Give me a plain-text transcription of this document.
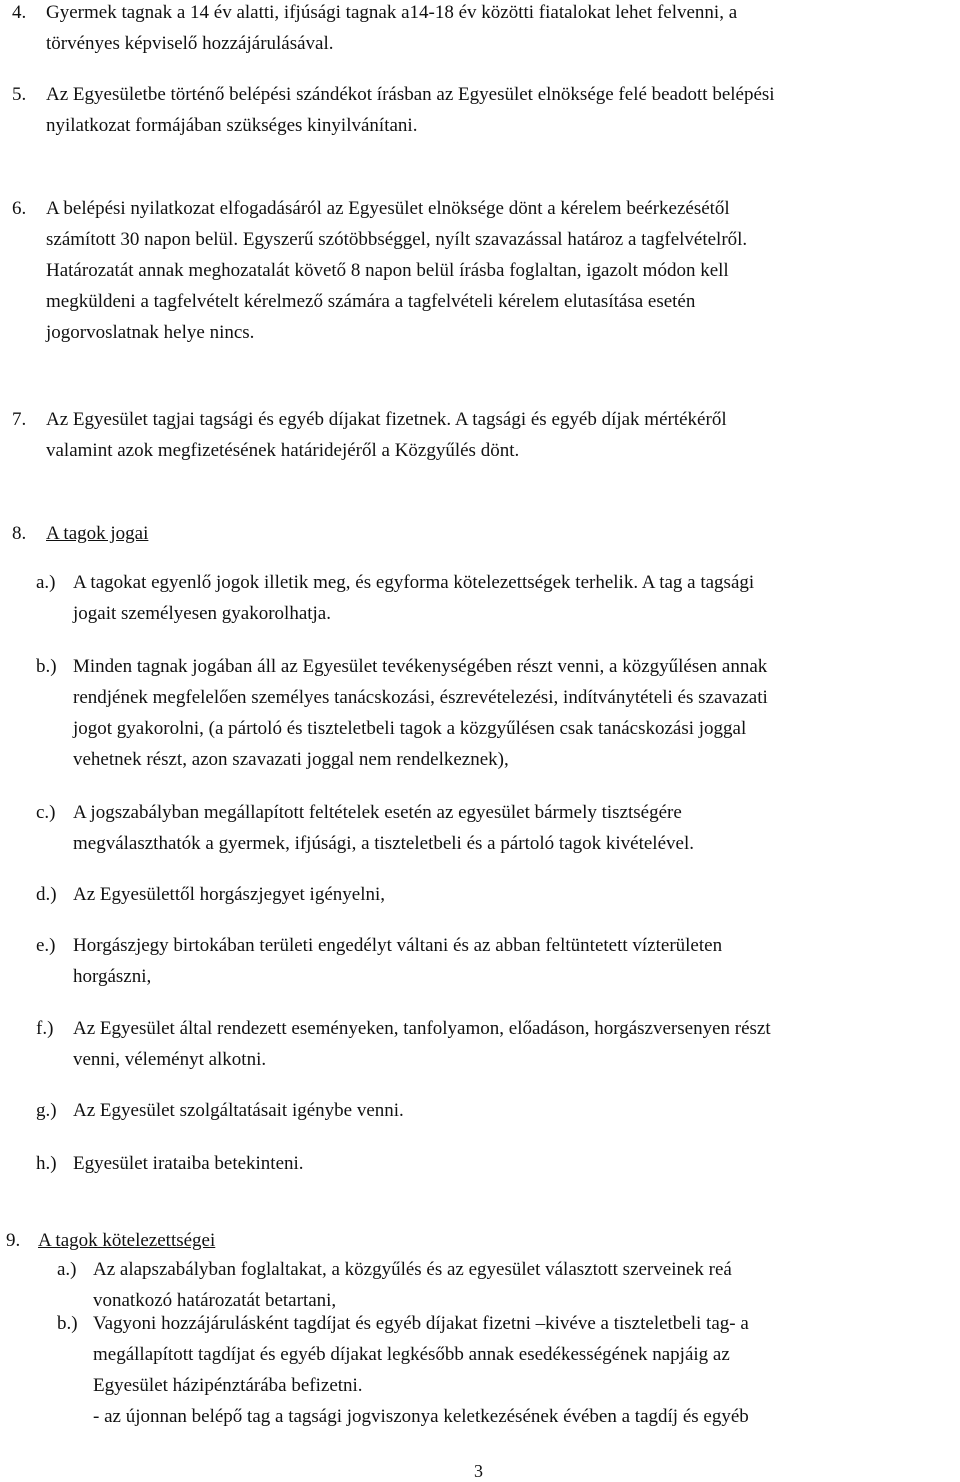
4. Gyermek tagnak a 14 év alatti, ifjúsági tagnak a14-18 év közötti fiatalokat lehet felvenni, a
törvényes képviselő hozzájárulásával.
5. Az Egyesületbe történő belépési szándékot írásban az Egyesület elnöksége felé beadott belépési
nyilatkozat formájában szükséges kinyilvánítani.
6. A belépési nyilatkozat elfogadásáról az Egyesület elnöksége dönt a kérelem beérkezésétől
számított 30 napon belül. Egyszerű szótöbbséggel, nyílt szavazással határoz a tagfelvételről.
Határozatát annak meghozatalát követő 8 napon belül írásba foglaltan, igazolt módon kell
megküldeni a tagfelvételt kérelmező számára a tagfelvételi kérelem elutasítása esetén
jogorvoslatnak helye nincs.
7. Az Egyesület tagjai tagsági és egyéb díjakat fizetnek. A tagsági és egyéb díjak mértékéről
valamint azok megfizetésének határidejéről a Közgyűlés dönt.
8. A tagok jogai
a.) A tagokat egyenlő jogok illetik meg, és egyforma kötelezettségek terhelik. A tag a tagsági
jogait személyesen gyakorolhatja.
b.) Minden tagnak jogában áll az Egyesület tevékenységében részt venni, a közgyűlésen annak
rendjének megfelelően személyes tanácskozási, észrevételezési, indítványtételi és szavazati
jogot gyakorolni, (a pártoló és tiszteletbeli tagok a közgyűlésen csak tanácskozási joggal
vehetnek részt, azon szavazati joggal nem rendelkeznek),
c.) A jogszabályban megállapított feltételek esetén az egyesület bármely tisztségére
megválaszthatók a gyermek, ifjúsági, a tiszteletbeli és a pártoló tagok kivételével.
d.) Az Egyesülettől horgászjegyet igényelni,
e.) Horgászjegy birtokában területi engedélyt váltani és az abban feltüntetett vízterületen
horgászni,
f.) Az Egyesület által rendezett eseményeken, tanfolyamon, előadáson, horgászversenyen részt
venni, véleményt alkotni.
g.) Az Egyesület szolgáltatásait igénybe venni.
h.) Egyesület irataiba betekinteni.
9. A tagok kötelezettségei
a.) Az alapszabályban foglaltakat, a közgyűlés és az egyesület választott szerveinek reá
vonatkozó határozatát betartani,
b.) Vagyoni hozzájárulásként tagdíjat és egyéb díjakat fizetni –kivéve a tiszteletbeli tag- a
megállapított tagdíjat és egyéb díjakat legkésőbb annak esedékességének napjáig az
Egyesület házipénztárába befizetni.
- az újonnan belépő tag a tagsági jogviszonya keletkezésének évében a tagdíj és egyéb
3
